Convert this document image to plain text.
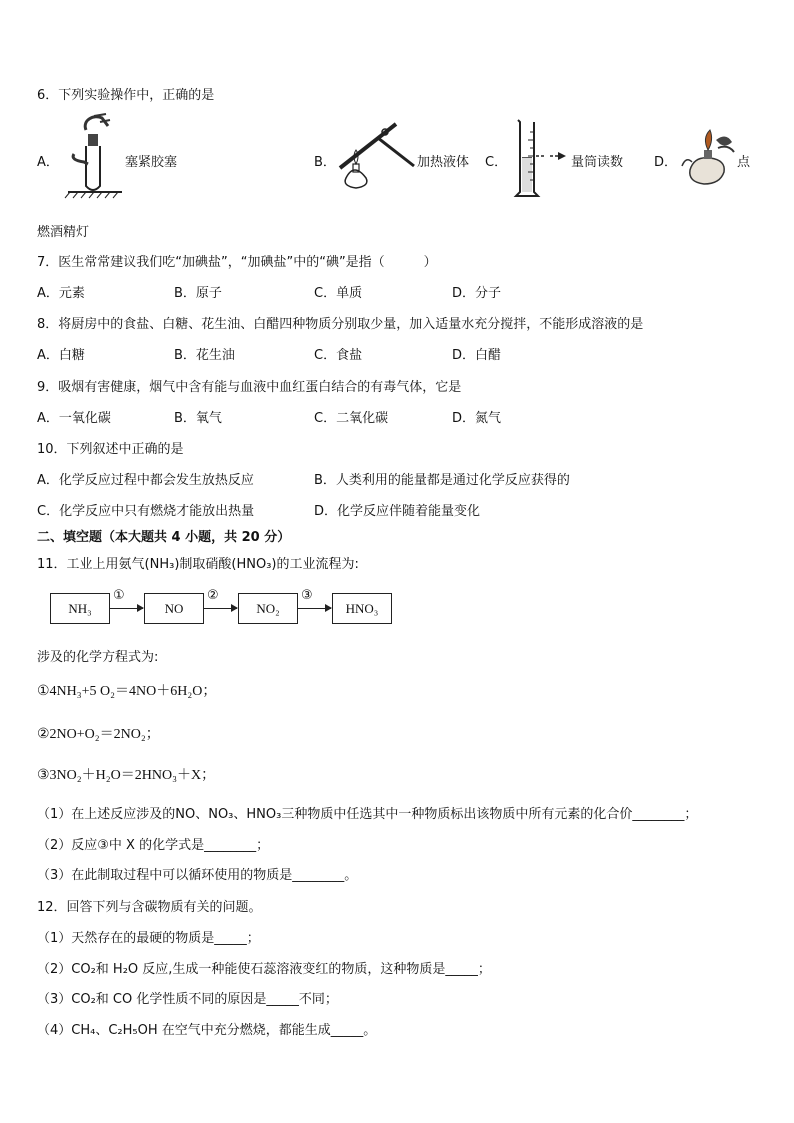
6．下列实验操作中，正确的是
A．	塞紧胶塞	B．	加热液体 C．	量筒读数 D．	点
燃酒精灯
7．医生常常建议我们吃“加碘盐”，“加碘盐”中的“碘”是指（　　　）
A．元素	B．原子	C．单质	D．分子
8．将厨房中的食盐、白糖、花生油、白醋四种物质分别取少量，加入适量水充分搅拌，不能形成溶液的是
A．白糖	B．花生油	C．食盐	D．白醋
9．吸烟有害健康，烟气中含有能与血液中血红蛋白结合的有毒气体，它是
A．一氧化碳	B．氧气	C．二氧化碳	D．氮气
10．下列叙述中正确的是
A．化学反应过程中都会发生放热反应	B．人类利用的能量都是通过化学反应获得的
C．化学反应中只有燃烧才能放出热量	D．化学反应伴随着能量变化
二、填空题（本大题共 4 小题，共 20 分）
11．工业上用氨气(NH₃)制取硝酸(HNO₃)的工业流程为:
NH₃
①
NO
②
NO₂
③
HNO₃
涉及的化学方程式为:
①4NH₃+5 O₂＝4NO＋6H₂O；
②2NO+O₂＝2NO₂；
③3NO₂＋H₂O＝2HNO₃＋X；
（1）在上述反应涉及的NO、NO₃、HNO₃三种物质中任选其中一种物质标出该物质中所有元素的化合价________；
（2）反应③中 X 的化学式是________；
（3）在此制取过程中可以循环使用的物质是________。
12．回答下列与含碳物质有关的问题。
（1）天然存在的最硬的物质是_____；
（2）CO₂和 H₂O 反应,生成一种能使石蕊溶液变红的物质，这种物质是_____；
（3）CO₂和 CO 化学性质不同的原因是_____不同；
（4）CH₄、C₂H₅OH 在空气中充分燃烧，都能生成_____。
